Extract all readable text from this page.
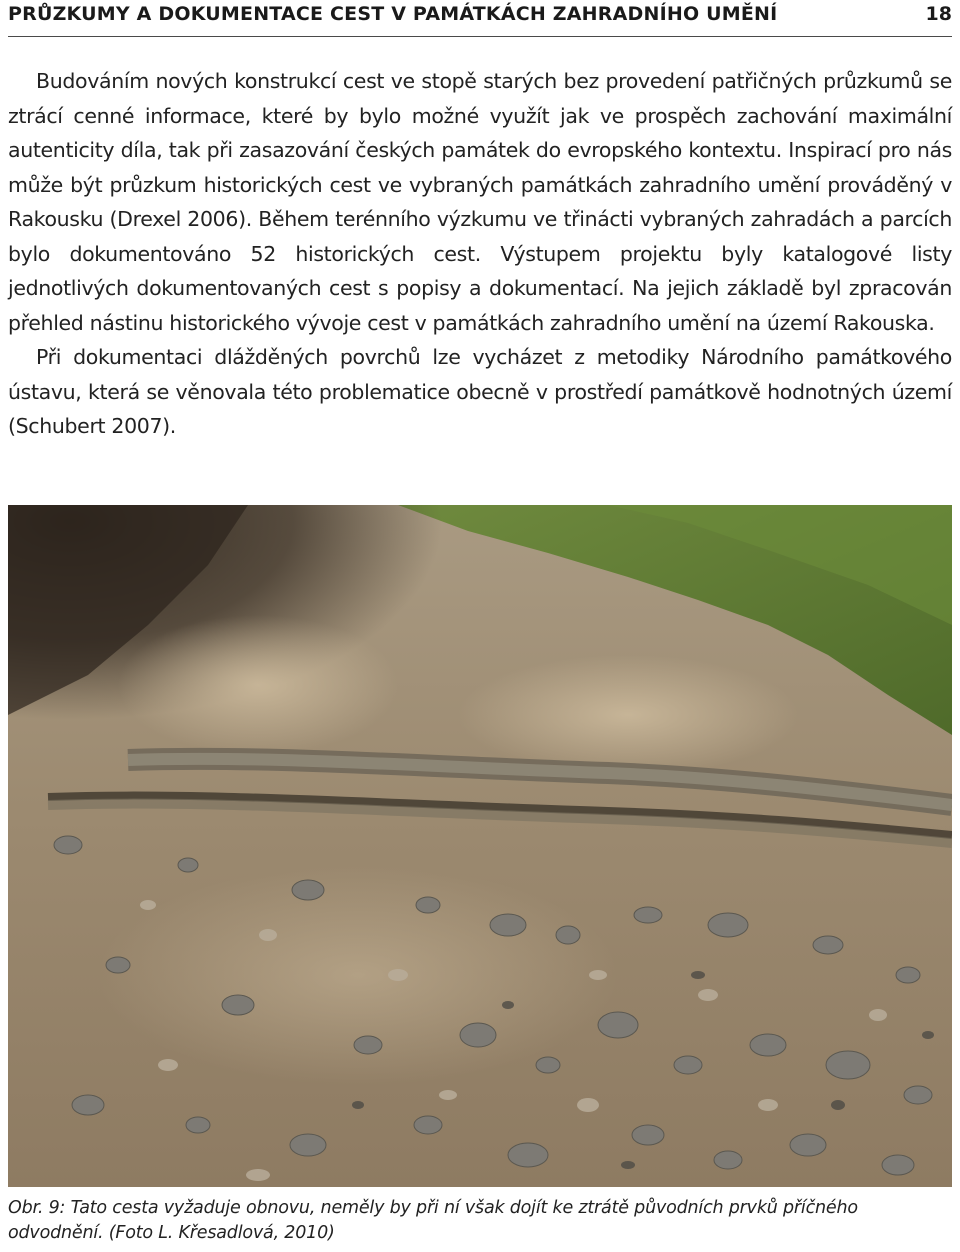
PRŮZKUMY A DOKUMENTACE CEST V PAMÁTKÁCH ZAHRADNÍHO UMĚNÍ	18

Budováním nových konstrukcí cest ve stopě starých bez provedení patřičných průzkumů se ztrácí cenné informace, které by bylo možné využít jak ve prospěch zachování maximální autenticity díla, tak při zasazování českých památek do evropského kontextu. Inspirací pro nás může být průzkum historických cest ve vybraných památkách zahradního umění prováděný v Rakousku (Drexel 2006). Během terénního výzkumu ve třinácti vybraných zahradách a parcích bylo dokumentováno 52 historických cest. Výstupem projektu byly katalogové listy jednotlivých dokumentovaných cest s popisy a dokumentací. Na jejich základě byl zpracován přehled nástinu historického vývoje cest v památkách zahradního umění na území Rakouska.

Při dokumentaci dlážděných povrchů lze vycházet z metodiky Národního památkového ústavu, která se věnovala této problematice obecně v prostředí památkově hodnotných území (Schubert 2007).

Obr. 9: Tato cesta vyžaduje obnovu, neměly by při ní však dojít ke ztrátě původních prvků příčného odvodnění. (Foto L. Křesadlová, 2010)
